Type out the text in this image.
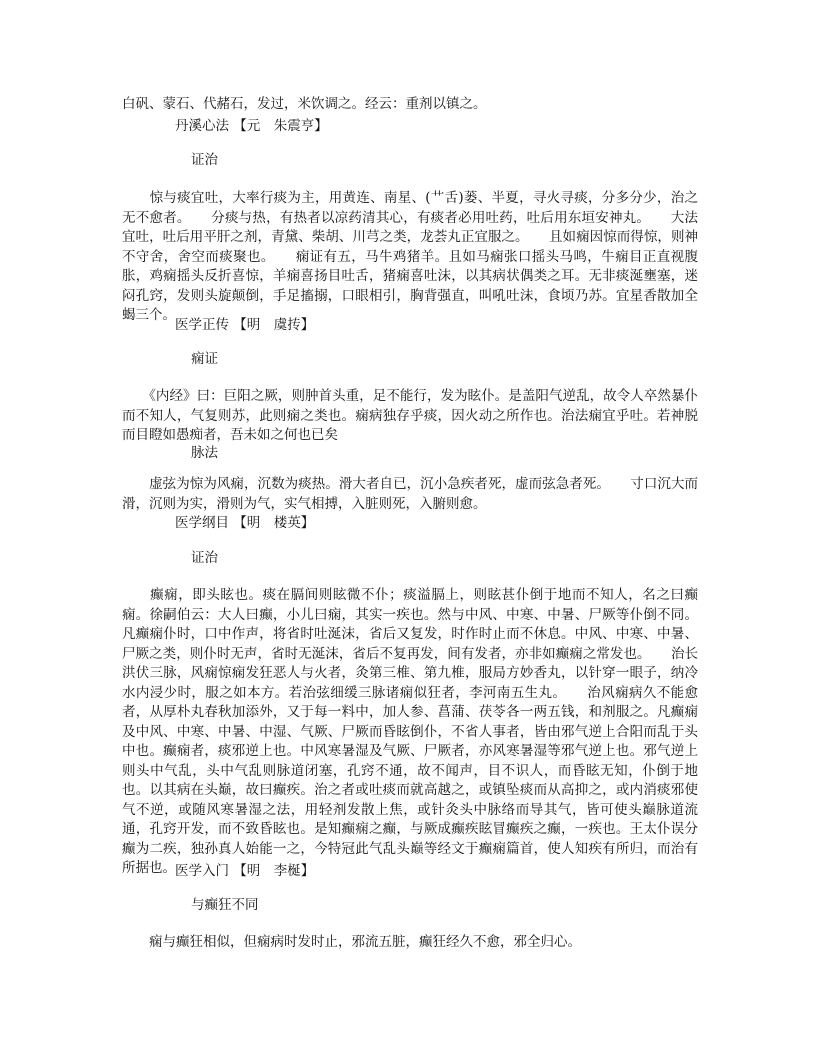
白矾、蒙石、代赭石，发过，米饮调之。经云：重剂以镇之。

丹溪心法 【元　朱震亨】

证治

　　惊与痰宜吐，大率行痰为主，用黄连、南星、(艹舌)蒌、半夏，寻火寻痰，分多分少，治之无不愈者。　　分痰与热，有热者以凉药清其心，有痰者必用吐药，吐后用东垣安神丸。　　大法宜吐，吐后用平肝之剂，青黛、柴胡、川芎之类，龙荟丸正宜服之。　　且如痫因惊而得惊，则神不守舍，舍空而痰聚也。　　痫证有五，马牛鸡猪羊。且如马痫张口摇头马鸣，牛痫目正直视腹胀，鸡痫摇头反折喜惊，羊痫喜扬目吐舌，猪痫喜吐沫，以其病状偶类之耳。无非痰涎壅塞，迷闷孔窍，发则头旋颠倒，手足搐搦，口眼相引，胸背强直，叫吼吐沫，食顷乃苏。宜星香散加全蝎三个。

医学正传 【明　虞抟】

痫证

　　《内经》曰：巨阳之厥，则肿首头重，足不能行，发为眩仆。是盖阳气逆乱，故令人卒然暴仆而不知人，气复则苏，此则痫之类也。痫病独存乎痰，因火动之所作也。治法痫宜乎吐。若神脱而目瞪如愚痴者，吾未如之何也已矣

脉法

　　虚弦为惊为风痫，沉数为痰热。滑大者自已，沉小急疾者死，虚而弦急者死。　　寸口沉大而滑，沉则为实，滑则为气，实气相搏，入脏则死，入腑则愈。

医学纲目 【明　楼英】

证治

　　癫痫，即头眩也。痰在膈间则眩微不仆；痰溢膈上，则眩甚仆倒于地而不知人，名之曰癫痫。徐嗣伯云：大人曰癫，小儿曰痫，其实一疾也。然与中风、中寒、中暑、尸厥等仆倒不同。凡癫痫仆时，口中作声，将省时吐涎沫，省后又复发，时作时止而不休息。中风、中寒、中暑、尸厥之类，则仆时无声，省时无涎沫，省后不复再发，间有发者，亦非如癫痫之常发也。　　治长洪伏三脉，风痫惊痫发狂恶人与火者，灸第三椎、第九椎，服局方妙香丸，以针穿一眼子，纳冷水内浸少时，服之如本方。若治弦细缓三脉诸痫似狂者，李河南五生丸。　　治风痫病久不能愈者，从厚朴丸春秋加添外，又于每一料中，加人参、菖蒲、茯苓各一两五钱，和剂服之。凡癫痫及中风、中寒、中暑、中湿、气厥、尸厥而昏眩倒仆，不省人事者，皆由邪气逆上合阳而乱于头中也。癫痫者，痰邪逆上也。中风寒暑湿及气厥、尸厥者，亦风寒暑湿等邪气逆上也。邪气逆上则头中气乱，头中气乱则脉道闭塞，孔窍不通，故不闻声，目不识人，而昏眩无知，仆倒于地也。以其病在头巅，故曰癫疾。治之者或吐痰而就高越之，或镇坠痰而从高抑之，或内消痰邪使气不逆，或随风寒暑湿之法，用轻剂发散上焦，或针灸头中脉络而导其气，皆可使头巅脉道流通，孔窍开发，而不致昏眩也。是知癫痫之癫，与厥成癫疾眩冒癫疾之癫，一疾也。王太仆误分癫为二疾，独孙真人始能一之，今特冠此气乱头巅等经文于癫痫篇首，使人知疾有所归，而治有所据也。 医学入门 【明　李梴】

与癫狂不同

　　痫与癫狂相似，但痫病时发时止，邪流五脏，癫狂经久不愈，邪全归心。
